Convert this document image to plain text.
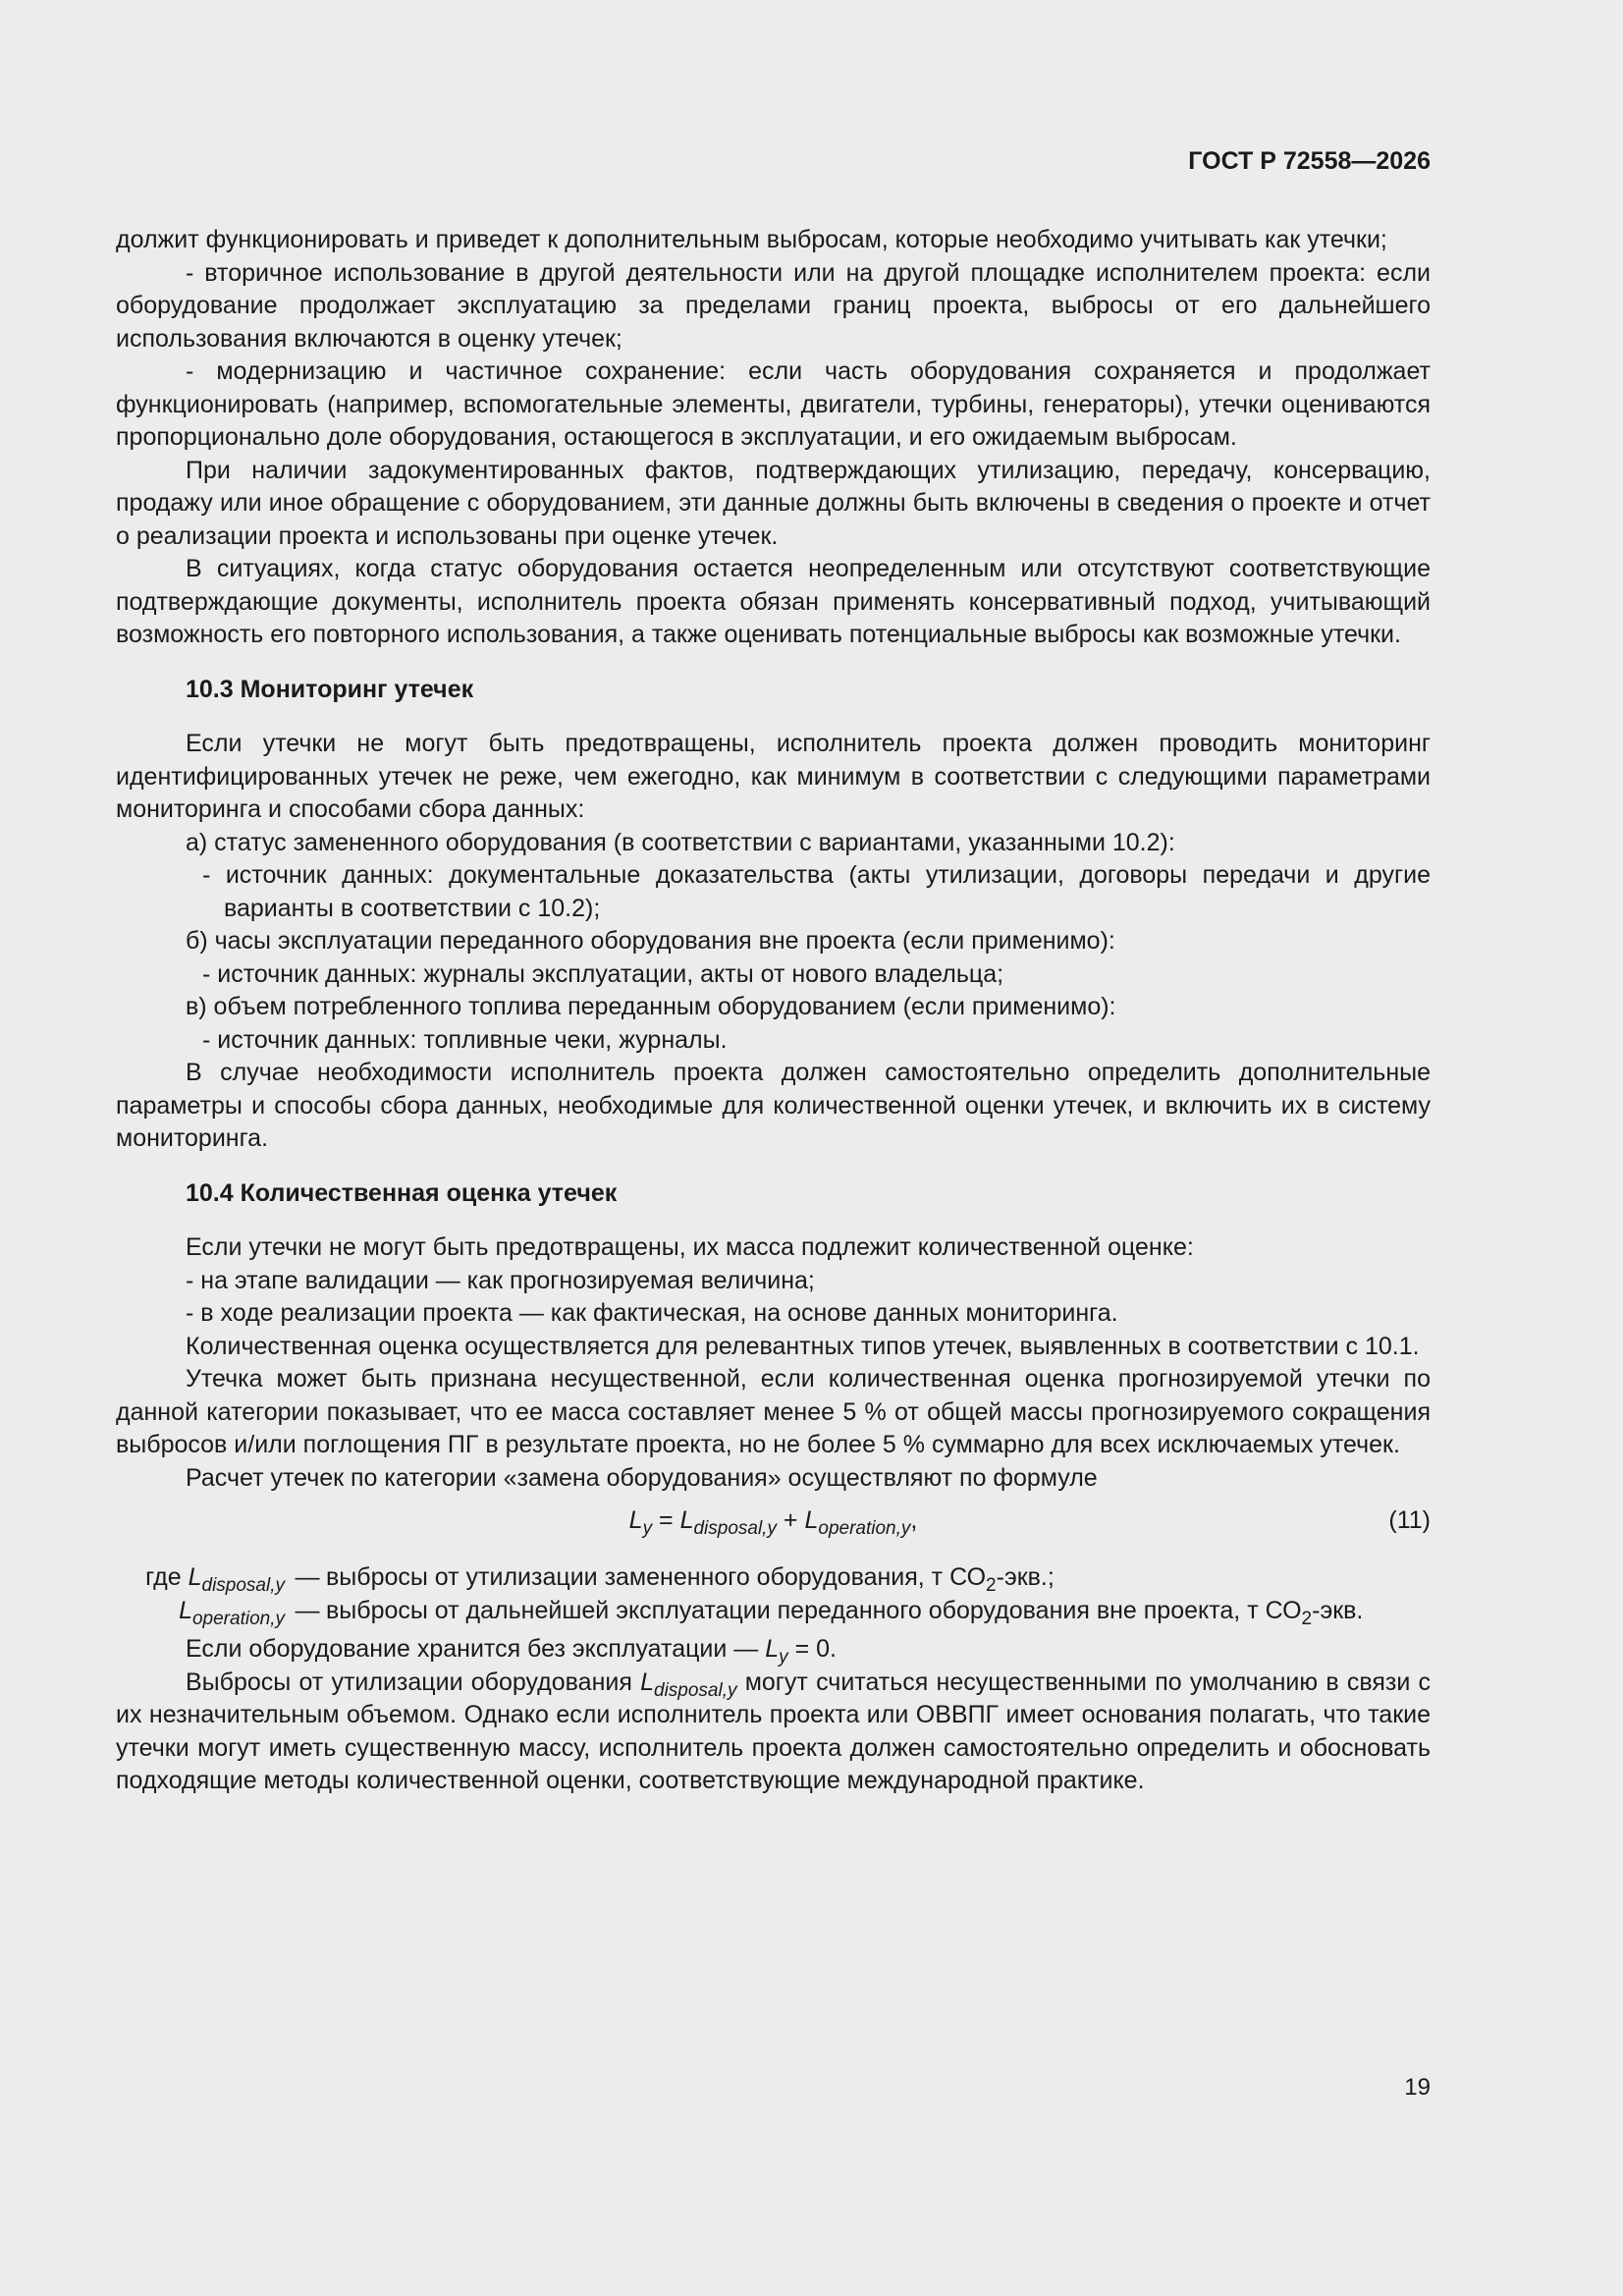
ГОСТ Р 72558—2026

должит функционировать и приведет к дополнительным выбросам, которые необходимо учитывать как утечки;

- вторичное использование в другой деятельности или на другой площадке исполнителем проекта: если оборудование продолжает эксплуатацию за пределами границ проекта, выбросы от его дальнейшего использования включаются в оценку утечек;

- модернизацию и частичное сохранение: если часть оборудования сохраняется и продолжает функционировать (например, вспомогательные элементы, двигатели, турбины, генераторы), утечки оцениваются пропорционально доле оборудования, остающегося в эксплуатации, и его ожидаемым выбросам.

При наличии задокументированных фактов, подтверждающих утилизацию, передачу, консервацию, продажу или иное обращение с оборудованием, эти данные должны быть включены в сведения о проекте и отчет о реализации проекта и использованы при оценке утечек.

В ситуациях, когда статус оборудования остается неопределенным или отсутствуют соответствующие подтверждающие документы, исполнитель проекта обязан применять консервативный подход, учитывающий возможность его повторного использования, а также оценивать потенциальные выбросы как возможные утечки.

10.3 Мониторинг утечек

Если утечки не могут быть предотвращены, исполнитель проекта должен проводить мониторинг идентифицированных утечек не реже, чем ежегодно, как минимум в соответствии с следующими параметрами мониторинга и способами сбора данных:

а) статус замененного оборудования (в соответствии с вариантами, указанными 10.2):

- источник данных: документальные доказательства (акты утилизации, договоры передачи и другие варианты в соответствии с 10.2);

б) часы эксплуатации переданного оборудования вне проекта (если применимо):

- источник данных: журналы эксплуатации, акты от нового владельца;

в) объем потребленного топлива переданным оборудованием (если применимо):

- источник данных: топливные чеки, журналы.

В случае необходимости исполнитель проекта должен самостоятельно определить дополнительные параметры и способы сбора данных, необходимые для количественной оценки утечек, и включить их в систему мониторинга.

10.4 Количественная оценка утечек

Если утечки не могут быть предотвращены, их масса подлежит количественной оценке:

- на этапе валидации — как прогнозируемая величина;

- в ходе реализации проекта — как фактическая, на основе данных мониторинга.

Количественная оценка осуществляется для релевантных типов утечек, выявленных в соответствии с 10.1.

Утечка может быть признана несущественной, если количественная оценка прогнозируемой утечки по данной категории показывает, что ее масса составляет менее 5 % от общей массы прогнозируемого сокращения выбросов и/или поглощения ПГ в результате проекта, но не более 5 % суммарно для всех исключаемых утечек.

Расчет утечек по категории «замена оборудования» осуществляют по формуле

$L_y = L_{disposal,y} + L_{operation,y}$,	(11)
где $L_{disposal,y}$ — выбросы от утилизации замененного оборудования, т $СО_2$-экв.;
$L_{operation,y}$ — выбросы от дальнейшей эксплуатации переданного оборудования вне проекта, т $СО_2$-экв.

Если оборудование хранится без эксплуатации — $L_y = 0$.

Выбросы от утилизации оборудования $L_{disposal,y}$ могут считаться несущественными по умолчанию в связи с их незначительным объемом. Однако если исполнитель проекта или ОВВПГ имеет основания полагать, что такие утечки могут иметь существенную массу, исполнитель проекта должен самостоятельно определить и обосновать подходящие методы количественной оценки, соответствующие международной практике.

19
